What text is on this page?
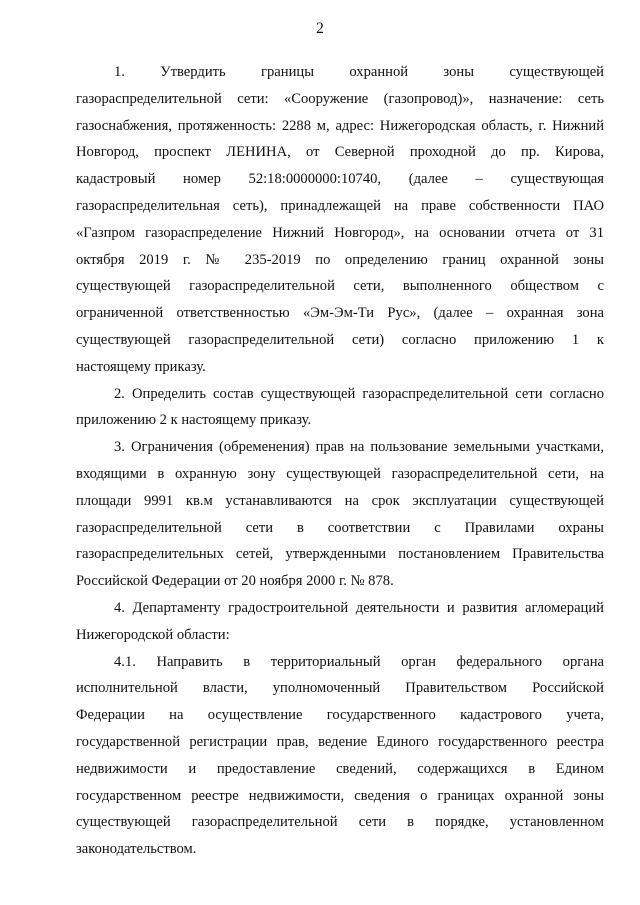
2
1. Утвердить границы охранной зоны существующей
газораспределительной сети: «Сооружение (газопровод)», назначение: сеть
газоснабжения, протяженность: 2288 м, адрес: Нижегородская область, г. Нижний
Новгород, проспект ЛЕНИНА, от Северной проходной до пр. Кирова,
кадастровый номер 52:18:0000000:10740, (далее – существующая
газораспределительная сеть), принадлежащей на праве собственности ПАО
«Газпром газораспределение Нижний Новгород», на основании отчета от 31
октября 2019 г. № 235-2019 по определению границ охранной зоны
существующей газораспределительной сети, выполненного обществом с
ограниченной ответственностью «Эм-Эм-Ти Рус», (далее – охранная зона
существующей газораспределительной сети) согласно приложению 1 к
настоящему приказу.
2. Определить состав существующей газораспределительной сети согласно
приложению 2 к настоящему приказу.
3. Ограничения (обременения) прав на пользование земельными участками,
входящими в охранную зону существующей газораспределительной сети, на
площади 9991 кв.м устанавливаются на срок эксплуатации существующей
газораспределительной сети в соответствии с Правилами охраны
газораспределительных сетей, утвержденными постановлением Правительства
Российской Федерации от 20 ноября 2000 г. № 878.
4. Департаменту градостроительной деятельности и развития агломераций
Нижегородской области:
4.1. Направить в территориальный орган федерального органа
исполнительной власти, уполномоченный Правительством Российской
Федерации на осуществление государственного кадастрового учета,
государственной регистрации прав, ведение Единого государственного реестра
недвижимости и предоставление сведений, содержащихся в Едином
государственном реестре недвижимости, сведения о границах охранной зоны
существующей газораспределительной сети в порядке, установленном
законодательством.
